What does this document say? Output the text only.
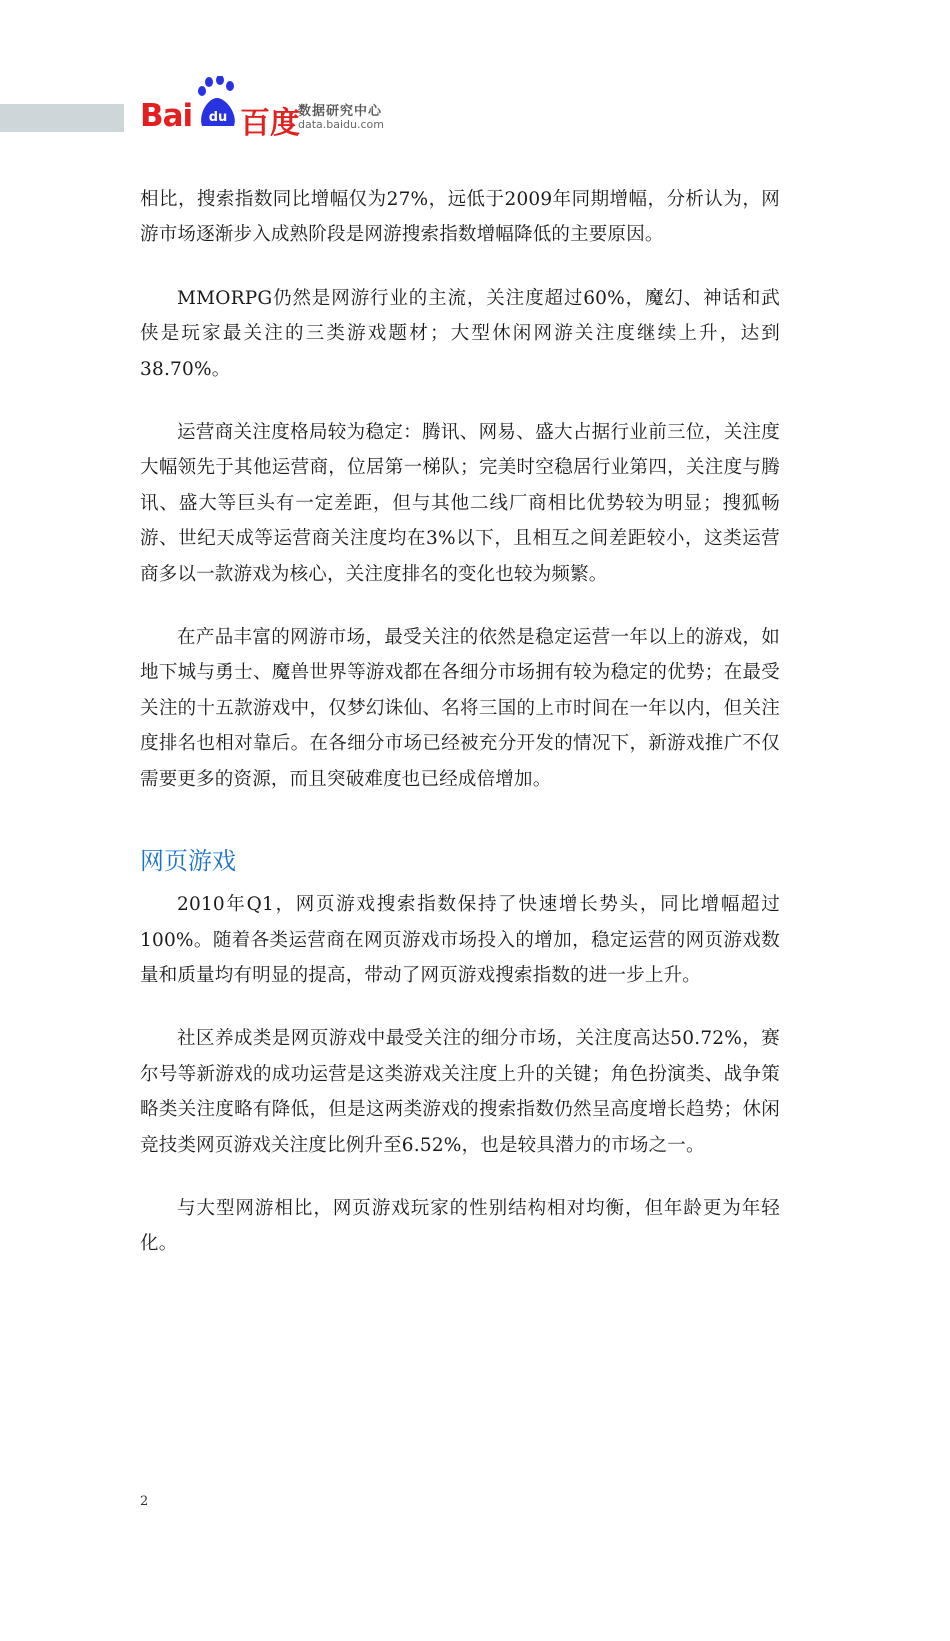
Bai du 百度
数据研究中心
data.baidu.com

相比，搜索指数同比增幅仅为27%，远低于2009年同期增幅，分析认为，网游市场逐渐步入成熟阶段是网游搜索指数增幅降低的主要原因。

MMORPG仍然是网游行业的主流，关注度超过60%，魔幻、神话和武侠是玩家最关注的三类游戏题材；大型休闲网游关注度继续上升，达到38.70%。

运营商关注度格局较为稳定：腾讯、网易、盛大占据行业前三位，关注度大幅领先于其他运营商，位居第一梯队；完美时空稳居行业第四，关注度与腾讯、盛大等巨头有一定差距，但与其他二线厂商相比优势较为明显；搜狐畅游、世纪天成等运营商关注度均在3%以下，且相互之间差距较小，这类运营商多以一款游戏为核心，关注度排名的变化也较为频繁。

在产品丰富的网游市场，最受关注的依然是稳定运营一年以上的游戏，如地下城与勇士、魔兽世界等游戏都在各细分市场拥有较为稳定的优势；在最受关注的十五款游戏中，仅梦幻诛仙、名将三国的上市时间在一年以内，但关注度排名也相对靠后。在各细分市场已经被充分开发的情况下，新游戏推广不仅需要更多的资源，而且突破难度也已经成倍增加。

网页游戏

2010年Q1，网页游戏搜索指数保持了快速增长势头，同比增幅超过100%。随着各类运营商在网页游戏市场投入的增加，稳定运营的网页游戏数量和质量均有明显的提高，带动了网页游戏搜索指数的进一步上升。

社区养成类是网页游戏中最受关注的细分市场，关注度高达50.72%，赛尔号等新游戏的成功运营是这类游戏关注度上升的关键；角色扮演类、战争策略类关注度略有降低，但是这两类游戏的搜索指数仍然呈高度增长趋势；休闲竞技类网页游戏关注度比例升至6.52%，也是较具潜力的市场之一。

与大型网游相比，网页游戏玩家的性别结构相对均衡，但年龄更为年轻化。

2
